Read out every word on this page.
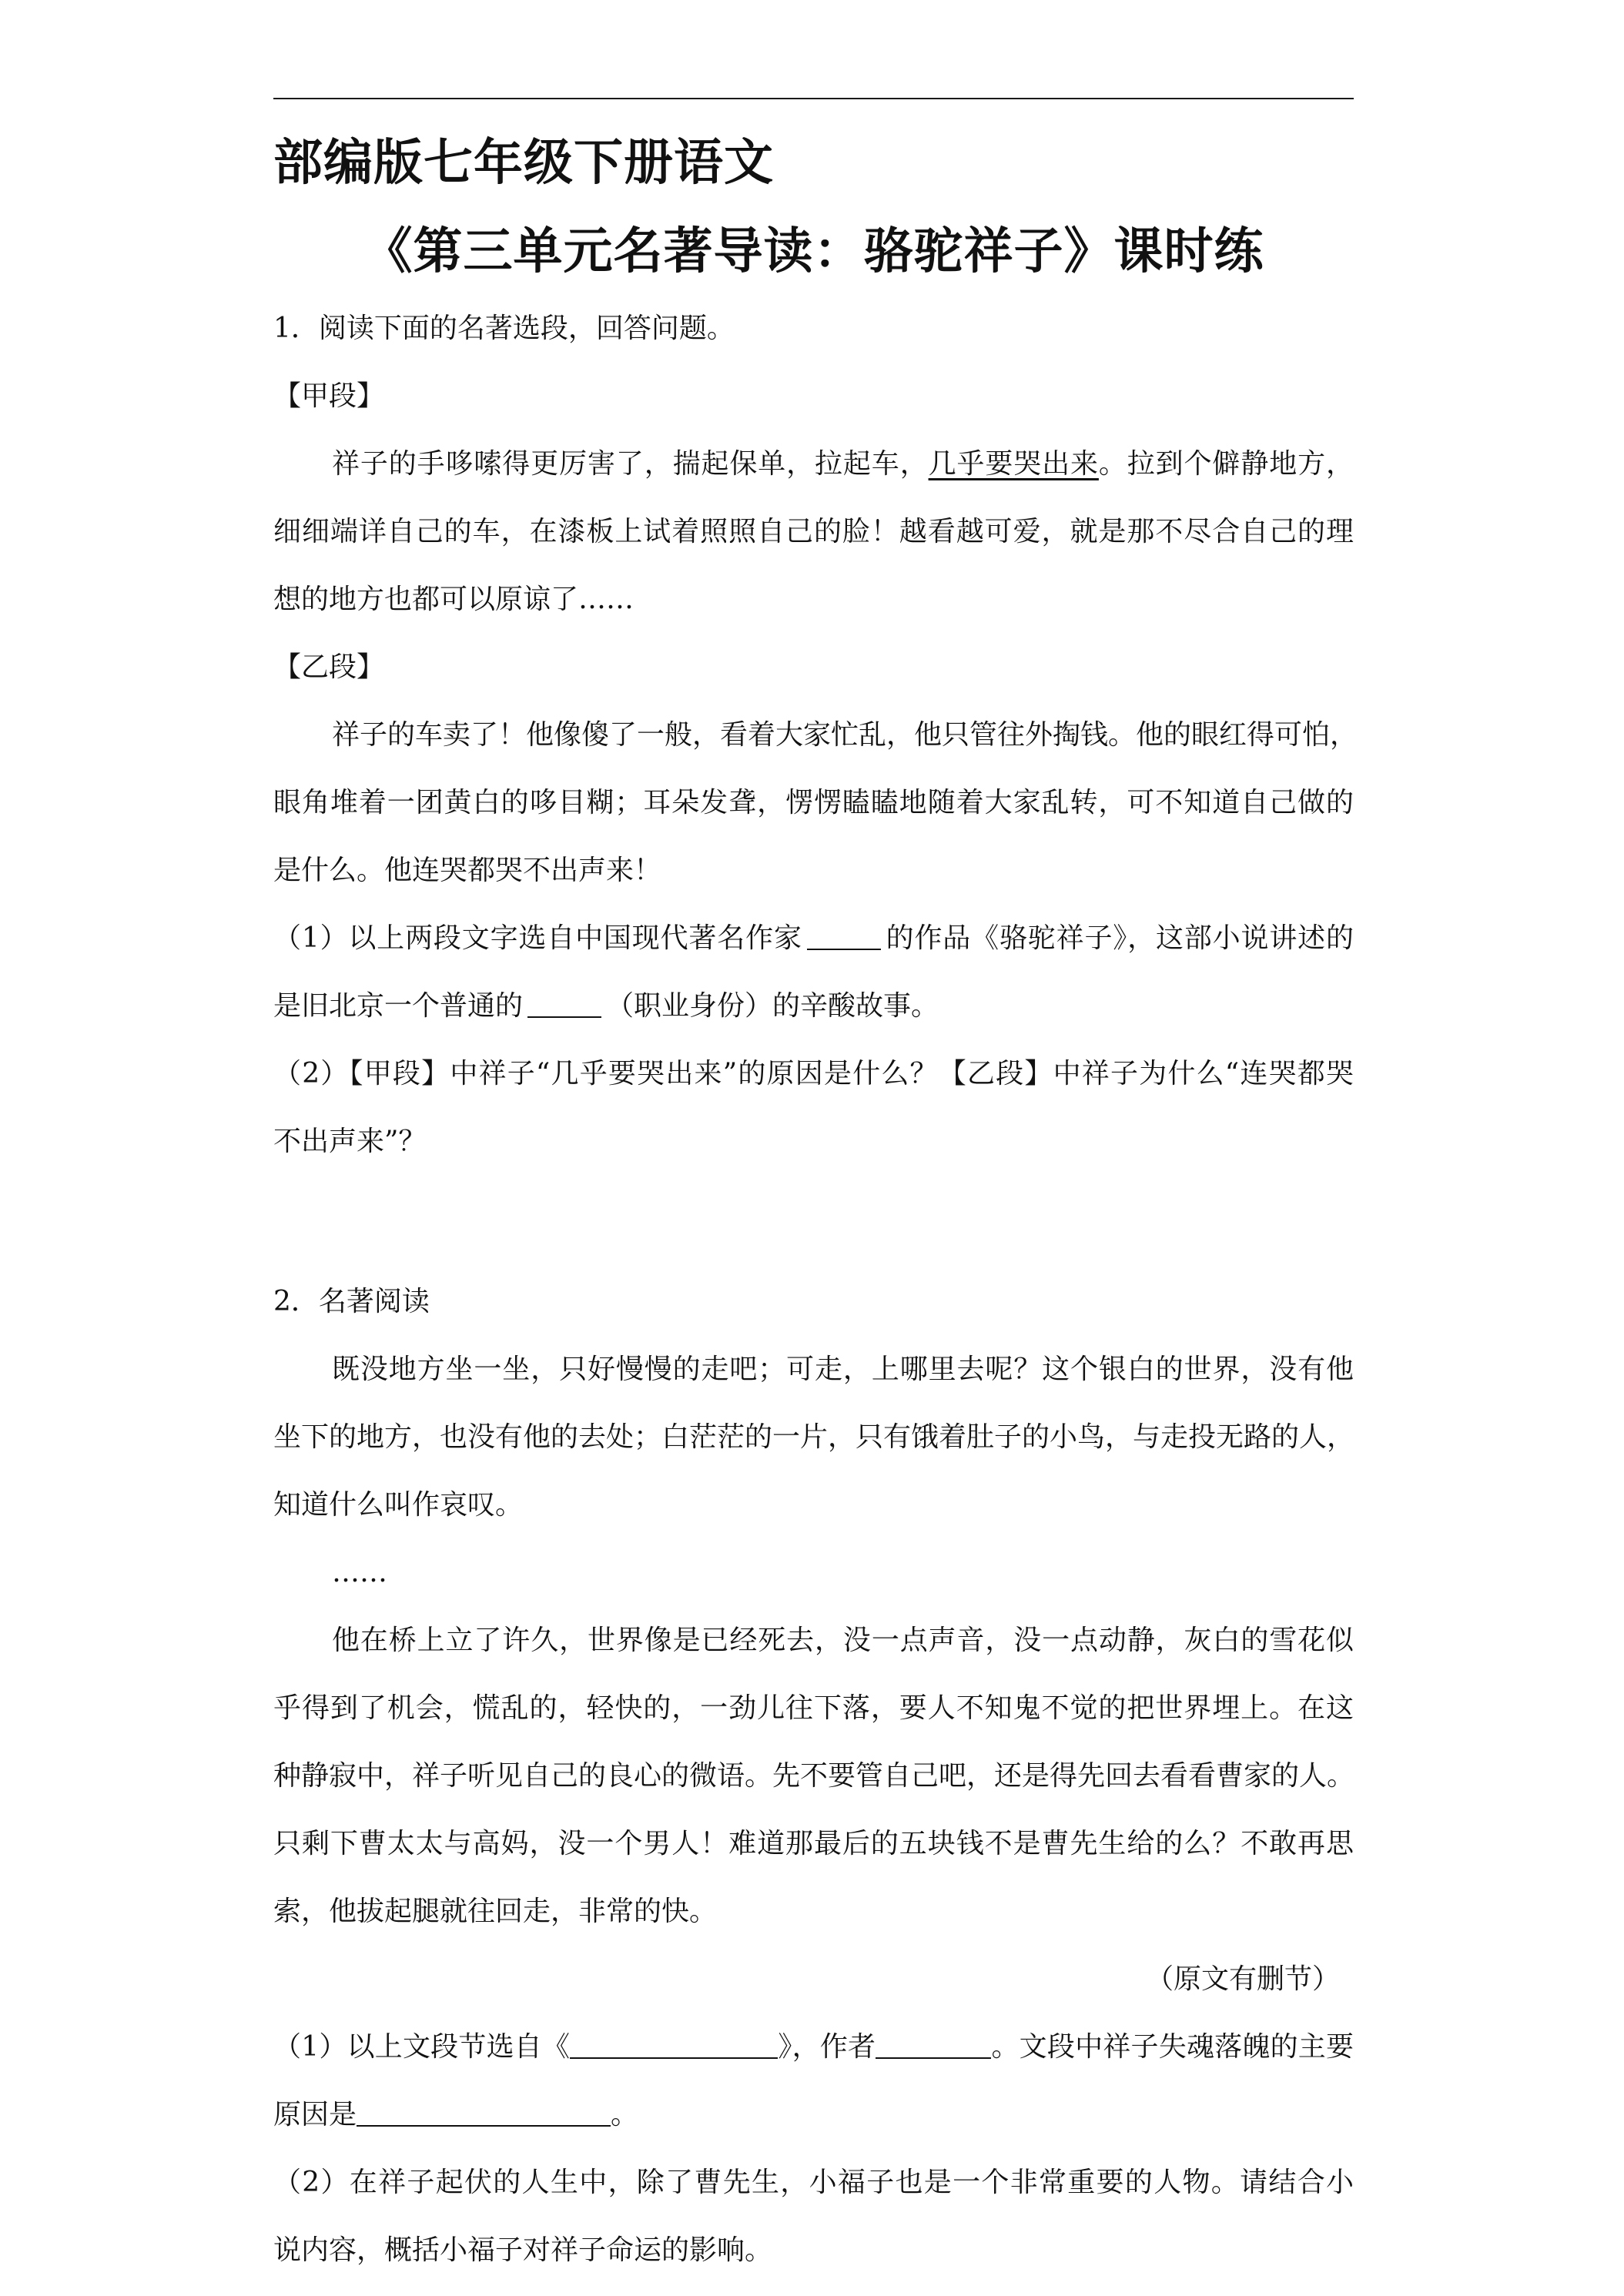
部编版七年级下册语文
《第三单元名著导读：骆驼祥子》课时练
1．阅读下面的名著选段，回答问题。
【甲段】
祥子的手哆嗦得更厉害了，揣起保单，拉起车，几乎要哭出来。拉到个僻静地方，
细细端详自己的车，在漆板上试着照照自己的脸！越看越可爱，就是那不尽合自己的理
想的地方也都可以原谅了……
【乙段】
祥子的车卖了！他像傻了一般，看着大家忙乱，他只管往外掏钱。他的眼红得可怕，
眼角堆着一团黄白的哆目糊；耳朵发聋，愣愣瞌瞌地随着大家乱转，可不知道自己做的
是什么。他连哭都哭不出声来！
（1）以上两段文字选自中国现代著名作家	的作品《骆驼祥子》，这部小说讲述的
是旧北京一个普通的	（职业身份）的辛酸故事。
（2）【甲段】中祥子“几乎要哭出来”的原因是什么？【乙段】中祥子为什么“连哭都哭
不出声来”？
2．名著阅读
既没地方坐一坐，只好慢慢的走吧；可走，上哪里去呢？这个银白的世界，没有他
坐下的地方，也没有他的去处；白茫茫的一片，只有饿着肚子的小鸟，与走投无路的人，
知道什么叫作哀叹。
……
他在桥上立了许久，世界像是已经死去，没一点声音，没一点动静，灰白的雪花似
乎得到了机会，慌乱的，轻快的，一劲儿往下落，要人不知鬼不觉的把世界埋上。在这
种静寂中，祥子听见自己的良心的微语。先不要管自己吧，还是得先回去看看曹家的人。
只剩下曹太太与高妈，没一个男人！难道那最后的五块钱不是曹先生给的么？不敢再思
索，他拔起腿就往回走，非常的快。
（原文有删节）
（1）以上文段节选自《	》，作者	。文段中祥子失魂落魄的主要
原因是	。
（2）在祥子起伏的人生中，除了曹先生，小福子也是一个非常重要的人物。请结合小
说内容，概括小福子对祥子命运的影响。
